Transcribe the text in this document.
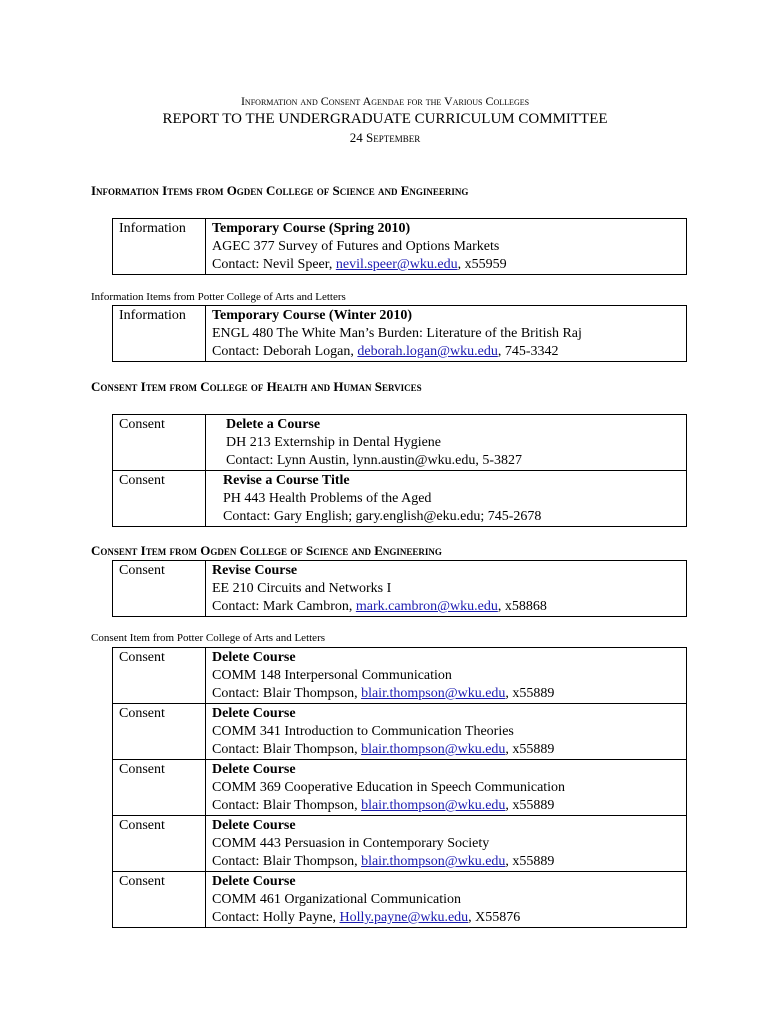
Information and Consent Agendae for the Various Colleges
REPORT TO THE UNDERGRADUATE CURRICULUM COMMITTEE
24 September
Information Items from Ogden College of Science and Engineering
Information	Temporary Course (Spring 2010)
AGEC 377 Survey of Futures and Options Markets
Contact: Nevil Speer, nevil.speer@wku.edu, x55959
Information Items from Potter College of Arts and Letters
Information	Temporary Course (Winter 2010)
ENGL 480 The White Man’s Burden: Literature of the British Raj
Contact: Deborah Logan, deborah.logan@wku.edu, 745-3342
Consent Item from College of Health and Human Services
Consent	Delete a Course
DH 213 Externship in Dental Hygiene
Contact: Lynn Austin, lynn.austin@wku.edu, 5-3827

Consent	Revise a Course Title
PH 443 Health Problems of the Aged
Contact: Gary English; gary.english@eku.edu; 745-2678
Consent Item from Ogden College of Science and Engineering
Consent	Revise Course
EE 210 Circuits and Networks I
Contact: Mark Cambron, mark.cambron@wku.edu, x58868
Consent Item from Potter College of Arts and Letters
Consent	Delete Course
COMM 148 Interpersonal Communication
Contact: Blair Thompson, blair.thompson@wku.edu, x55889

Consent	Delete Course
COMM 341 Introduction to Communication Theories
Contact: Blair Thompson, blair.thompson@wku.edu, x55889

Consent	Delete Course
COMM 369 Cooperative Education in Speech Communication
Contact: Blair Thompson, blair.thompson@wku.edu, x55889

Consent	Delete Course
COMM 443 Persuasion in Contemporary Society
Contact: Blair Thompson, blair.thompson@wku.edu, x55889

Consent	Delete Course
COMM 461 Organizational Communication
Contact: Holly Payne, Holly.payne@wku.edu, X55876
